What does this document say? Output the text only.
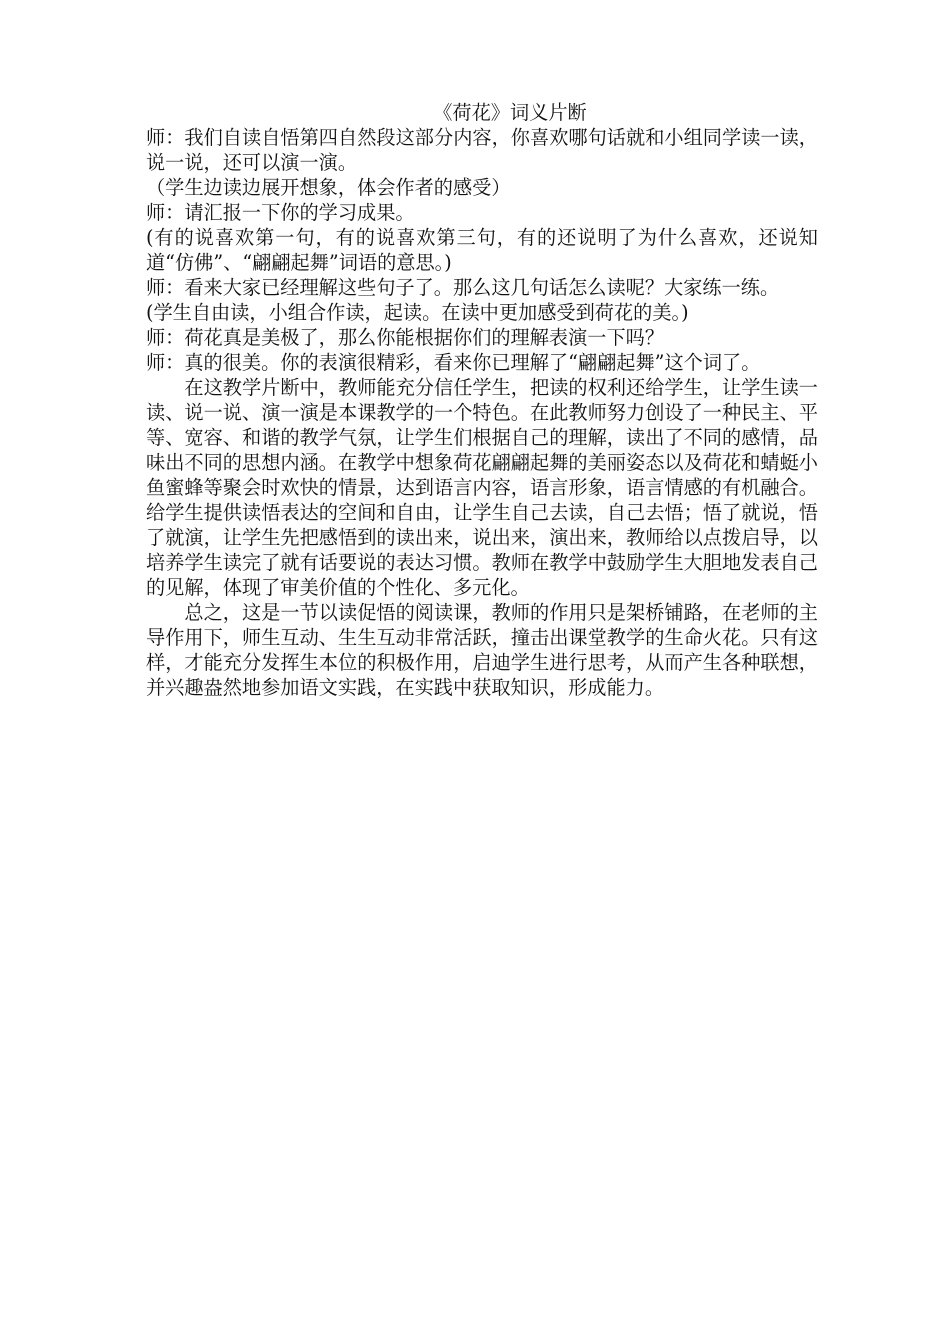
《荷花》词义片断

师：我们自读自悟第四自然段这部分内容，你喜欢哪句话就和小组同学读一读，说一说，还可以演一演。

（学生边读边展开想象，体会作者的感受）

师：请汇报一下你的学习成果。

(有的说喜欢第一句，有的说喜欢第三句，有的还说明了为什么喜欢，还说知道“仿佛”、“翩翩起舞”词语的意思。)

师：看来大家已经理解这些句子了。那么这几句话怎么读呢？大家练一练。

(学生自由读，小组合作读，起读。在读中更加感受到荷花的美。)

师：荷花真是美极了，那么你能根据你们的理解表演一下吗？

师：真的很美。你的表演很精彩，看来你已理解了“翩翩起舞”这个词了。

在这教学片断中，教师能充分信任学生，把读的权利还给学生，让学生读一读、说一说、演一演是本课教学的一个特色。在此教师努力创设了一种民主、平等、宽容、和谐的教学气氛，让学生们根据自己的理解，读出了不同的感情，品味出不同的思想内涵。在教学中想象荷花翩翩起舞的美丽姿态以及荷花和蜻蜓小鱼蜜蜂等聚会时欢快的情景，达到语言内容，语言形象，语言情感的有机融合。给学生提供读悟表达的空间和自由，让学生自己去读，自己去悟；悟了就说，悟了就演，让学生先把感悟到的读出来，说出来，演出来，教师给以点拨启导，以培养学生读完了就有话要说的表达习惯。教师在教学中鼓励学生大胆地发表自己的见解，体现了审美价值的个性化、多元化。

总之，这是一节以读促悟的阅读课，教师的作用只是架桥铺路，在老师的主导作用下，师生互动、生生互动非常活跃，撞击出课堂教学的生命火花。只有这样，才能充分发挥生本位的积极作用，启迪学生进行思考，从而产生各种联想，并兴趣盎然地参加语文实践，在实践中获取知识，形成能力。
